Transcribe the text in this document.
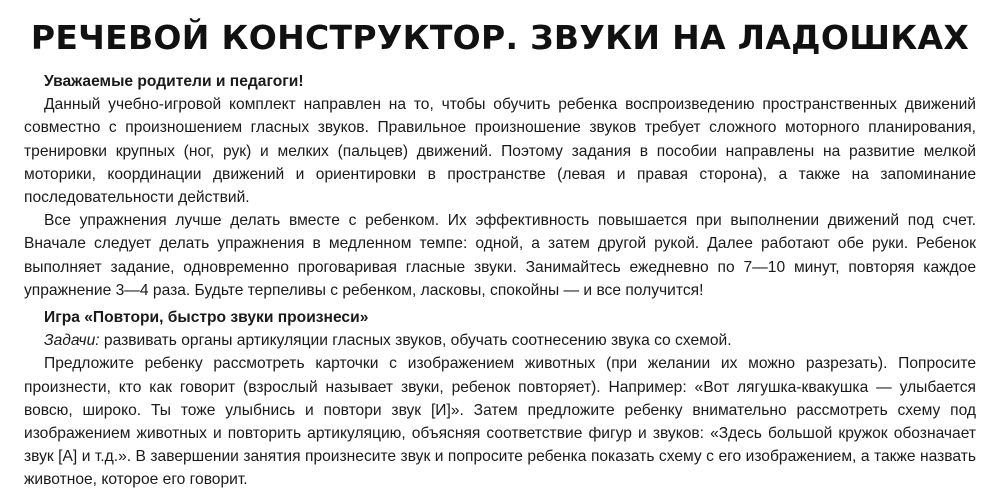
РЕЧЕВОЙ КОНСТРУКТОР. ЗВУКИ НА ЛАДОШКАХ
Уважаемые родители и педагоги!

Данный учебно-игровой комплект направлен на то, чтобы обучить ребенка воспроизведению пространственных движений совместно с произношением гласных звуков. Правильное произношение звуков требует сложного моторного планирования, тренировки крупных (ног, рук) и мелких (пальцев) движений. Поэтому задания в пособии направлены на развитие мелкой моторики, координации движений и ориентировки в пространстве (левая и правая сторона), а также на запоминание последовательности действий.

Все упражнения лучше делать вместе с ребенком. Их эффективность повышается при выполнении движений под счет. Вначале следует делать упражнения в медленном темпе: одной, а затем другой рукой. Далее работают обе руки. Ребенок выполняет задание, одновременно проговаривая гласные звуки. Занимайтесь ежедневно по 7—10 минут, повторяя каждое упражнение 3—4 раза. Будьте терпеливы с ребенком, ласковы, спокойны — и все получится!

Игра «Повтори, быстро звуки произнеси»

Задачи: развивать органы артикуляции гласных звуков, обучать соотнесению звука со схемой.

Предложите ребенку рассмотреть карточки с изображением животных (при желании их можно разрезать). Попросите произнести, кто как говорит (взрослый называет звуки, ребенок повторяет). Например: «Вот лягушка-квакушка — улыбается вовсю, широко. Ты тоже улыбнись и повтори звук [И]». Затем предложите ребенку внимательно рассмотреть схему под изображением животных и повторить артикуляцию, объясняя соответствие фигур и звуков: «Здесь большой кружок обозначает звук [А] и т.д.». В завершении занятия произнесите звук и попросите ребенка показать схему с его изображением, а также назвать животное, которое его говорит.
